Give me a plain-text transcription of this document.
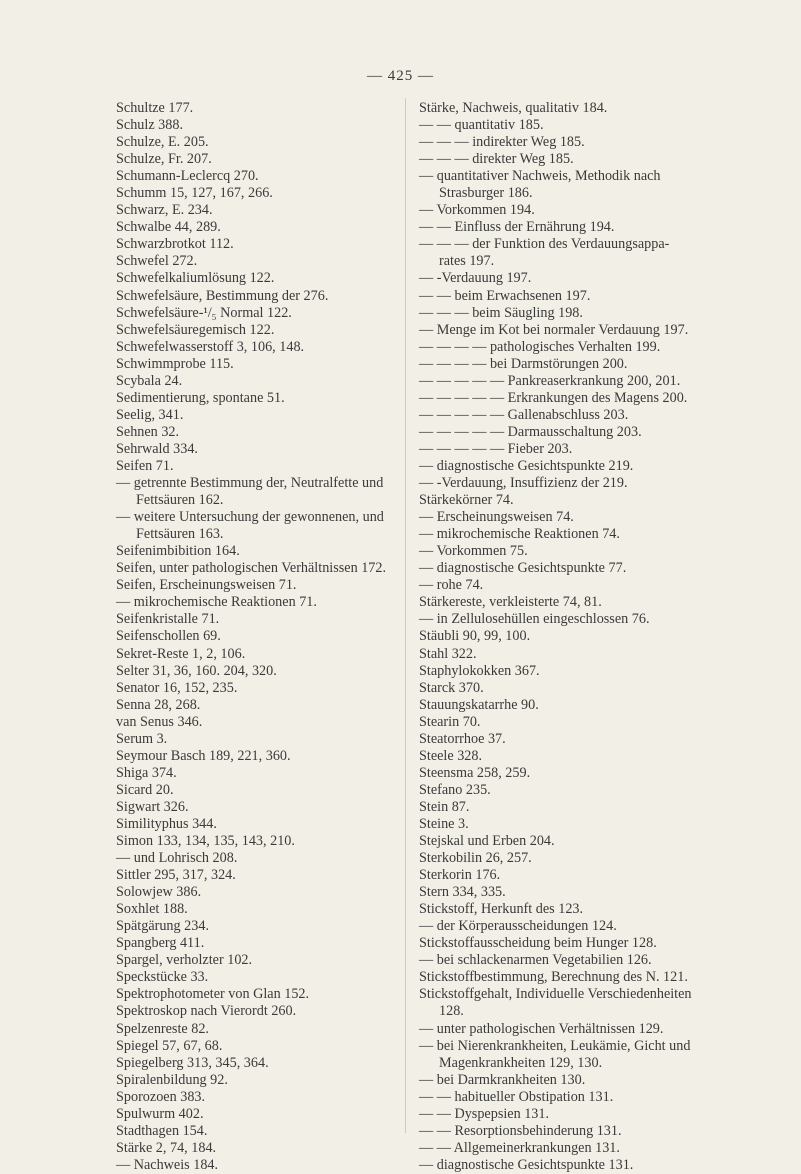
— 425 —

Schultze 177.

Schulz 388.

Schulze, E. 205.

Schulze, Fr. 207.

Schumann-Leclercq 270.

Schumm 15, 127, 167, 266.

Schwarz, E. 234.

Schwalbe 44, 289.

Schwarzbrotkot 112.

Schwefel 272.

Schwefelkaliumlösung 122.

Schwefelsäure, Bestimmung der 276.

Schwefelsäure-¹/₅ Normal 122.

Schwefelsäuregemisch 122.

Schwefelwasserstoff 3, 106, 148.

Schwimmprobe 115.

Scybala 24.

Sedimentierung, spontane 51.

Seelig, 341.

Sehnen 32.

Sehrwald 334.

Seifen 71.

— getrennte Bestimmung der, Neutralfette und

Fettsäuren 162.

— weitere Untersuchung der gewonnenen, und

Fettsäuren 163.

Seifenimbibition 164.

Seifen, unter pathologischen Verhältnissen 172.

Seifen, Erscheinungsweisen 71.

— mikrochemische Reaktionen 71.

Seifenkristalle 71.

Seifenschollen 69.

Sekret-Reste 1, 2, 106.

Selter 31, 36, 160. 204, 320.

Senator 16, 152, 235.

Senna 28, 268.

van Senus 346.

Serum 3.

Seymour Basch 189, 221, 360.

Shiga 374.

Sicard 20.

Sigwart 326.

Similityphus 344.

Simon 133, 134, 135, 143, 210.

— und Lohrisch 208.

Sittler 295, 317, 324.

Solowjew 386.

Soxhlet 188.

Spätgärung 234.

Spangberg 411.

Spargel, verholzter 102.

Speckstücke 33.

Spektrophotometer von Glan 152.

Spektroskop nach Vierordt 260.

Spelzenreste 82.

Spiegel 57, 67, 68.

Spiegelberg 313, 345, 364.

Spiralenbildung 92.

Sporozoen 383.

Spulwurm 402.

Stadthagen 154.

Stärke 2, 74, 184.

— Nachweis 184.

Stärke, Nachweis, qualitativ 184.

— — quantitativ 185.

— — — indirekter Weg 185.

— — — direkter Weg 185.

— quantitativer Nachweis, Methodik nach

Strasburger 186.

— Vorkommen 194.

— — Einfluss der Ernährung 194.

— — — der Funktion des Verdauungsappa-

rates 197.

— -Verdauung 197.

— — beim Erwachsenen 197.

— — — beim Säugling 198.

— Menge im Kot bei normaler Verdauung 197.

— — — — pathologisches Verhalten 199.

— — — — bei Darmstörungen 200.

— — — — — Pankreaserkrankung 200, 201.

— — — — — Erkrankungen des Magens 200.

— — — — — Gallenabschluss 203.

— — — — — Darmausschaltung 203.

— — — — — Fieber 203.

— diagnostische Gesichtspunkte 219.

— -Verdauung, Insuffizienz der 219.

Stärkekörner 74.

— Erscheinungsweisen 74.

— mikrochemische Reaktionen 74.

— Vorkommen 75.

— diagnostische Gesichtspunkte 77.

— rohe 74.

Stärkereste, verkleisterte 74, 81.

— in Zellulosehüllen eingeschlossen 76.

Stäubli 90, 99, 100.

Stahl 322.

Staphylokokken 367.

Starck 370.

Stauungskatarrhe 90.

Stearin 70.

Steatorrhoe 37.

Steele 328.

Steensma 258, 259.

Stefano 235.

Stein 87.

Steine 3.

Stejskal und Erben 204.

Sterkobilin 26, 257.

Sterkorin 176.

Stern 334, 335.

Stickstoff, Herkunft des 123.

— der Körperausscheidungen 124.

Stickstoffausscheidung beim Hunger 128.

— bei schlackenarmen Vegetabilien 126.

Stickstoffbestimmung, Berechnung des N. 121.

Stickstoffgehalt, Individuelle Verschiedenheiten

128.

— unter pathologischen Verhältnissen 129.

— bei Nierenkrankheiten, Leukämie, Gicht und

Magenkrankheiten 129, 130.

— bei Darmkrankheiten 130.

— — habitueller Obstipation 131.

— — Dyspepsien 131.

— — Resorptionsbehinderung 131.

— — Allgemeinerkrankungen 131.

— diagnostische Gesichtspunkte 131.
